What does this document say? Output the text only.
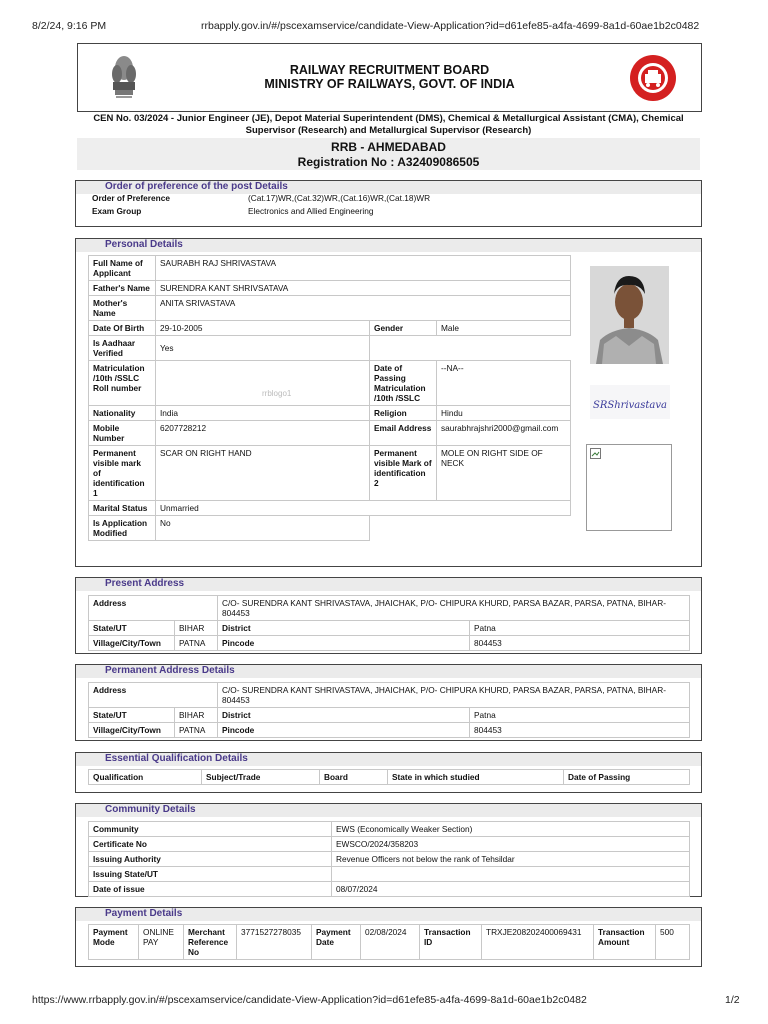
8/2/24, 9:16 PM	rrbapply.gov.in/#/pscexamservice/candidate-View-Application?id=d61efe85-a4fa-4699-8a1d-60ae1b2c0482
RAILWAY RECRUITMENT BOARD
MINISTRY OF RAILWAYS, GOVT. OF INDIA
CEN No. 03/2024 - Junior Engineer (JE), Depot Material Superintendent (DMS), Chemical & Metallurgical Assistant (CMA), Chemical
Supervisor (Research) and Metallurgical Supervisor (Research)
RRB - AHMEDABAD
Registration No : A32409086505
Order of preference of the post Details
Order of Preference	(Cat.17)WR,(Cat.32)WR,(Cat.16)WR,(Cat.18)WR
Exam Group	Electronics and Allied Engineering
Personal Details
Full Name of Applicant	SAURABH RAJ SHRIVASTAVA		
Father's Name	SURENDRA KANT SHRIVSATAVA		
Mother's Name	ANITA SRIVASTAVA		
Date Of Birth	29-10-2005	Gender	Male
Is Aadhaar Verified	Yes		
Matriculation /10th /SSLC Roll number		Date of Passing Matriculation /10th /SSLC	--NA--
Nationality	India	Religion	Hindu
Mobile Number	6207728212	Email Address	saurabhrajshri2000@gmail.com
Permanent visible mark of identification 1	SCAR ON RIGHT HAND	Permanent visible Mark of identification 2	MOLE ON RIGHT SIDE OF NECK
Marital Status	Unmarried		
Is Application Modified	No		
rrblogo1
SRShrivastava
Present Address
Address		C/O- SURENDRA KANT SHRIVASTAVA, JHAICHAK, P/O- CHIPURA KHURD, PARSA BAZAR, PARSA, PATNA, BIHAR-804453	
State/UT	BIHAR	District	Patna
Village/City/Town	PATNA	Pincode	804453
Permanent Address Details
Address		C/O- SURENDRA KANT SHRIVASTAVA, JHAICHAK, P/O- CHIPURA KHURD, PARSA BAZAR, PARSA, PATNA, BIHAR-804453	
State/UT	BIHAR	District	Patna
Village/City/Town	PATNA	Pincode	804453
Essential Qualification Details
Qualification	Subject/Trade	Board	State in which studied	Date of Passing
Community Details
Community	EWS (Economically Weaker Section)
Certificate No	EWSCO/2024/358203
Issuing Authority	Revenue Officers not below the rank of Tehsildar
Issuing State/UT	
Date of issue	08/07/2024
Payment Details
Payment Mode	ONLINE PAY	Merchant Reference No	3771527278035	Payment Date	02/08/2024	Transaction ID	TRXJE208202400069431	Transaction Amount	500
https://www.rrbapply.gov.in/#/pscexamservice/candidate-View-Application?id=d61efe85-a4fa-4699-8a1d-60ae1b2c0482	1/2
